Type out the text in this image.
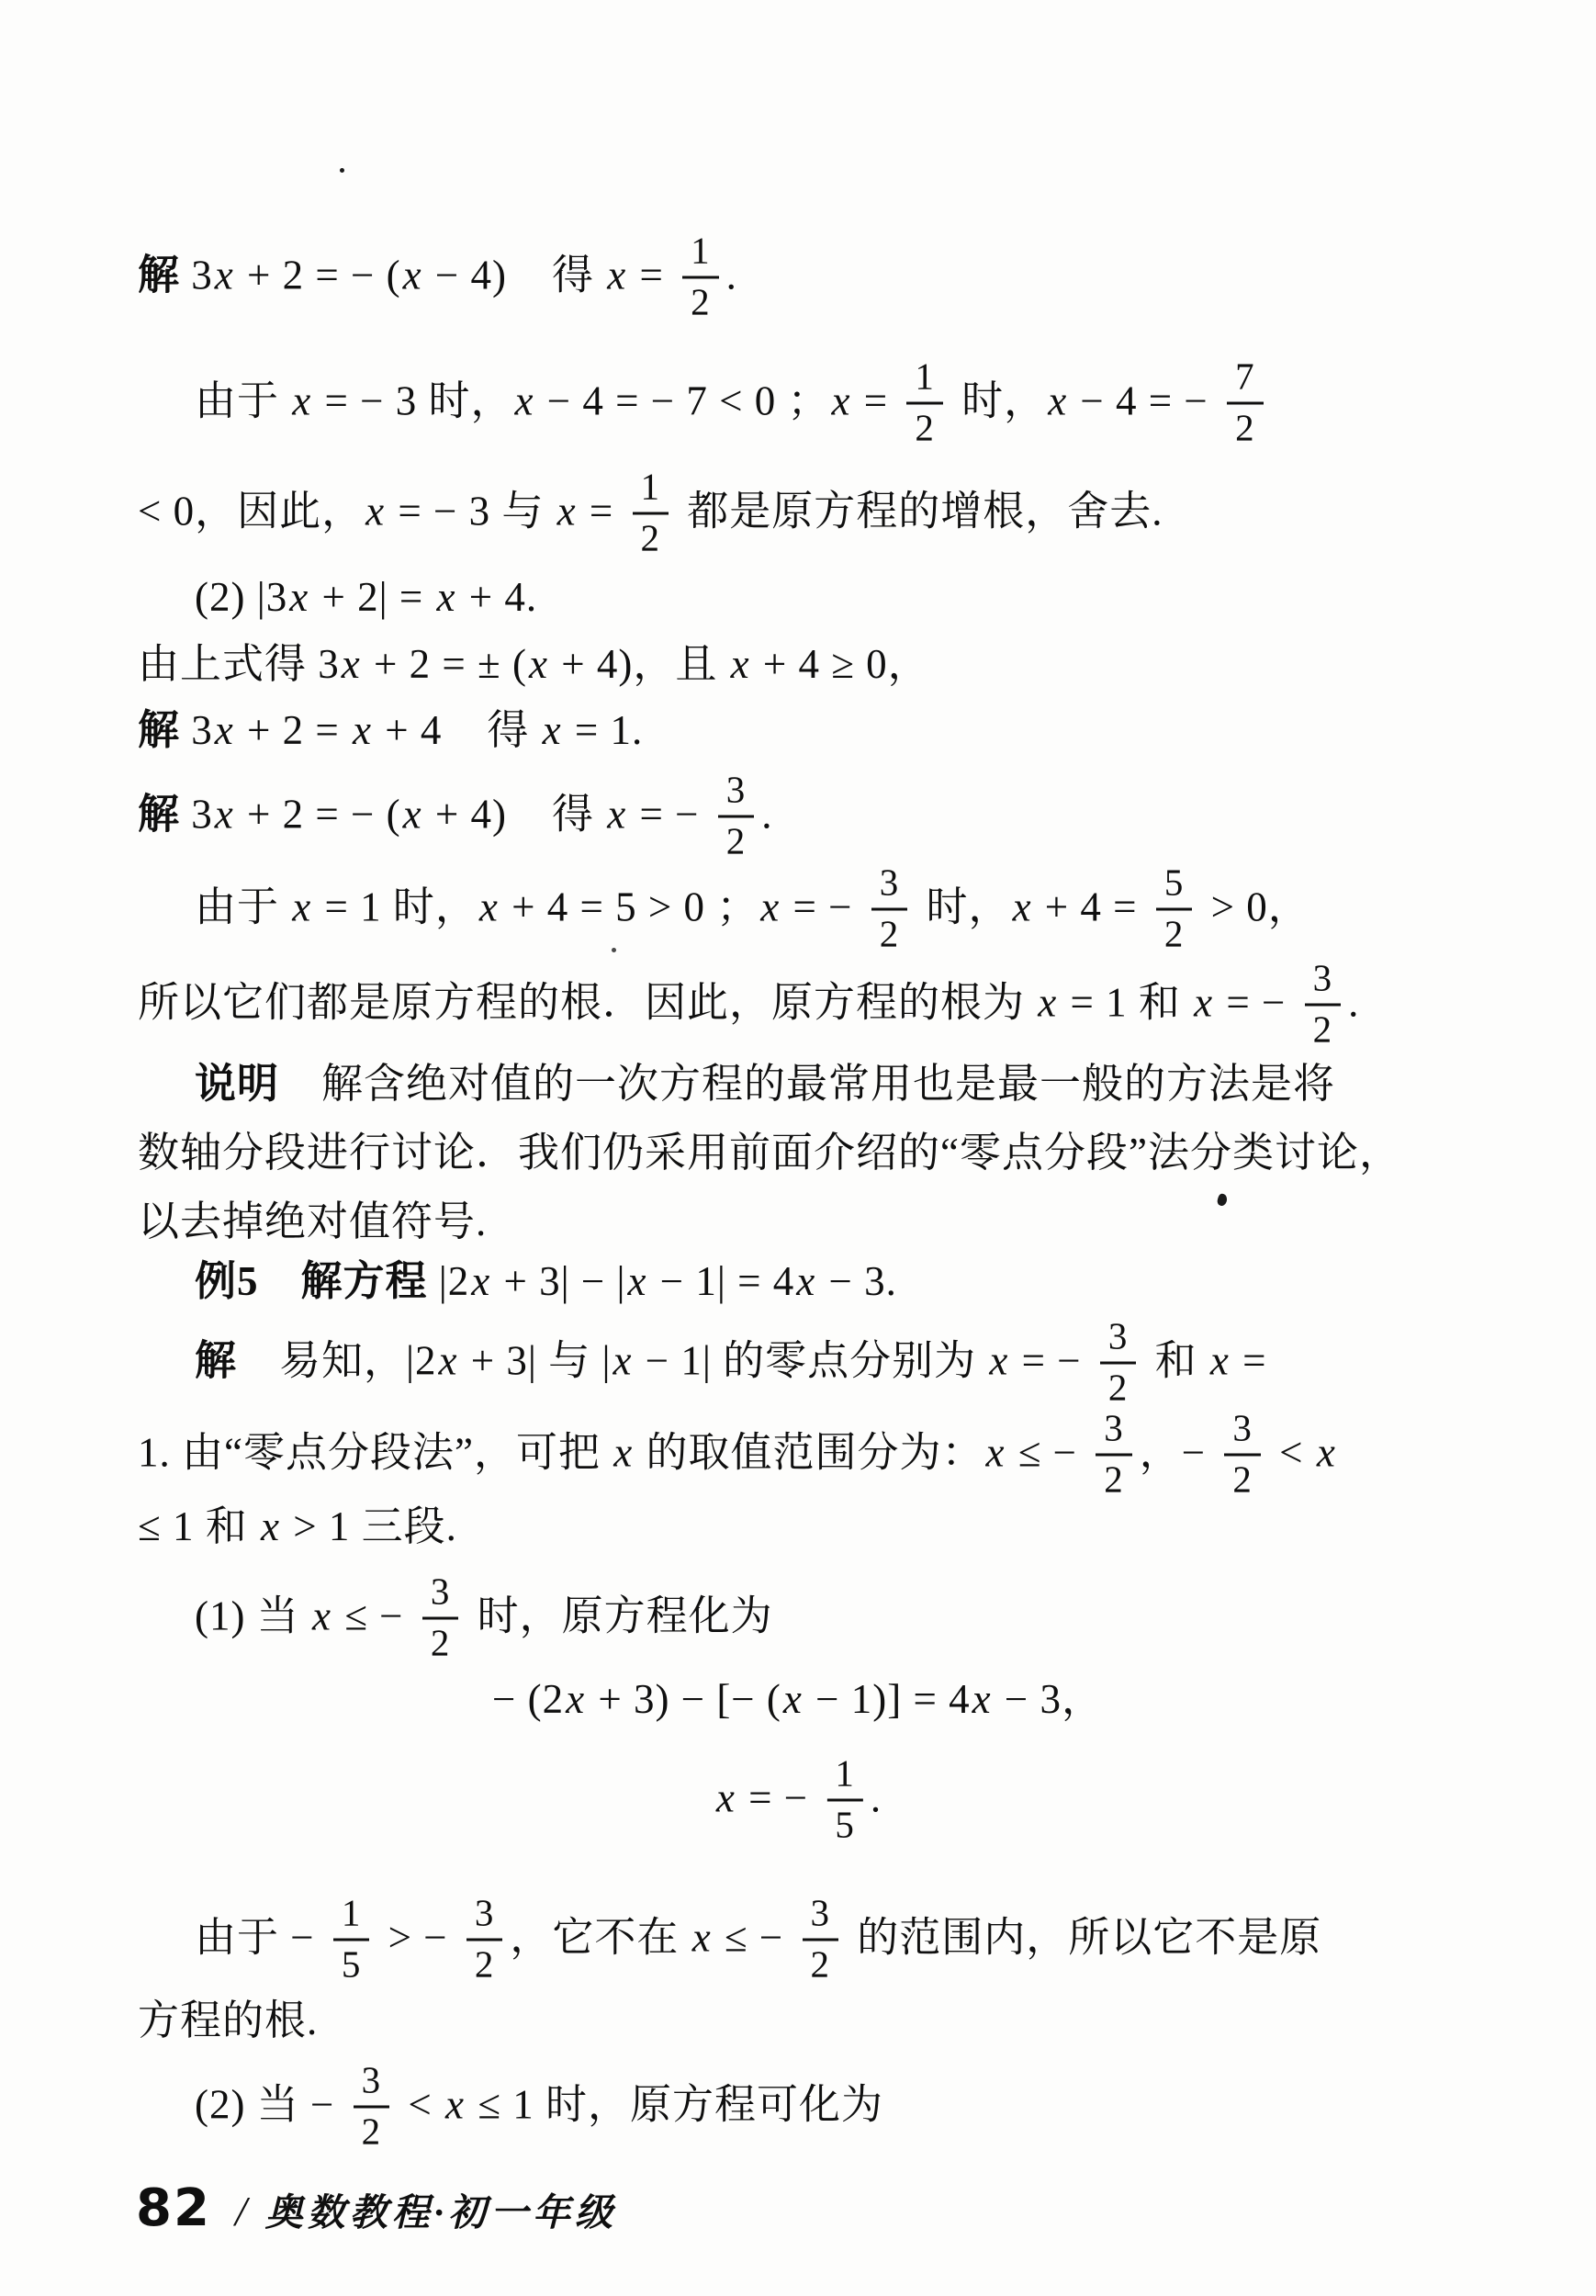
解 3x + 2 = − (x − 4) 得 $x = \frac{1}{2}$ .
由于 x = − 3 时， x − 4 = − 7 < 0 ； $x = \frac{1}{2}$ 时， x − 4 = − $\frac{7}{2}$
< 0 ，因此， x = − 3 与 $x = \frac{1}{2}$ 都是原方程的增根，舍去.
(2) |3x + 2| = x + 4.
由上式得 3x + 2 = ± (x + 4) ，且 x + 4 ≥ 0 ，
解 3x + 2 = x + 4 得 x = 1.
解 3x + 2 = − (x + 4) 得 x = − $\frac{3}{2}$ .
由于 x = 1 时， x + 4 = 5 > 0 ； x = − $\frac{3}{2}$ 时， $x + 4 = \frac{5}{2} > 0$ ，
所以它们都是原方程的根．因此，原方程的根为 x = 1 和 x = − $\frac{3}{2}$ .
说明 　解含绝对值的一次方程的最常用也是最一般的方法是将
数轴分段进行讨论．我们仍采用前面介绍的“零点分段”法分类讨论，
以去掉绝对值符号.
例5　解方程 |2x + 3| − |x − 1| = 4x − 3.
解 　易知， |2x + 3| 与 |x − 1| 的零点分别为 x = − $\frac{3}{2}$ 和 x =
1. 由“零点分段法”，可把 x 的取值范围分为： x ≤ − $\frac{3}{2}$ ， − $\frac{3}{2} < x$
≤ 1 和 x > 1 三段.
(1) 当 x ≤ − $\frac{3}{2}$ 时，原方程化为
− (2x + 3) − [− (x − 1)] = 4x − 3 ，
x = − $\frac{1}{5}$ .
由于 − $\frac{1}{5}$ > − $\frac{3}{2}$ ，它不在 x ≤ − $\frac{3}{2}$ 的范围内，所以它不是原
方程的根.
(2) 当 − $\frac{3}{2} < x \le 1$ 时，原方程可化为
82 / 奥数教程·初一年级
